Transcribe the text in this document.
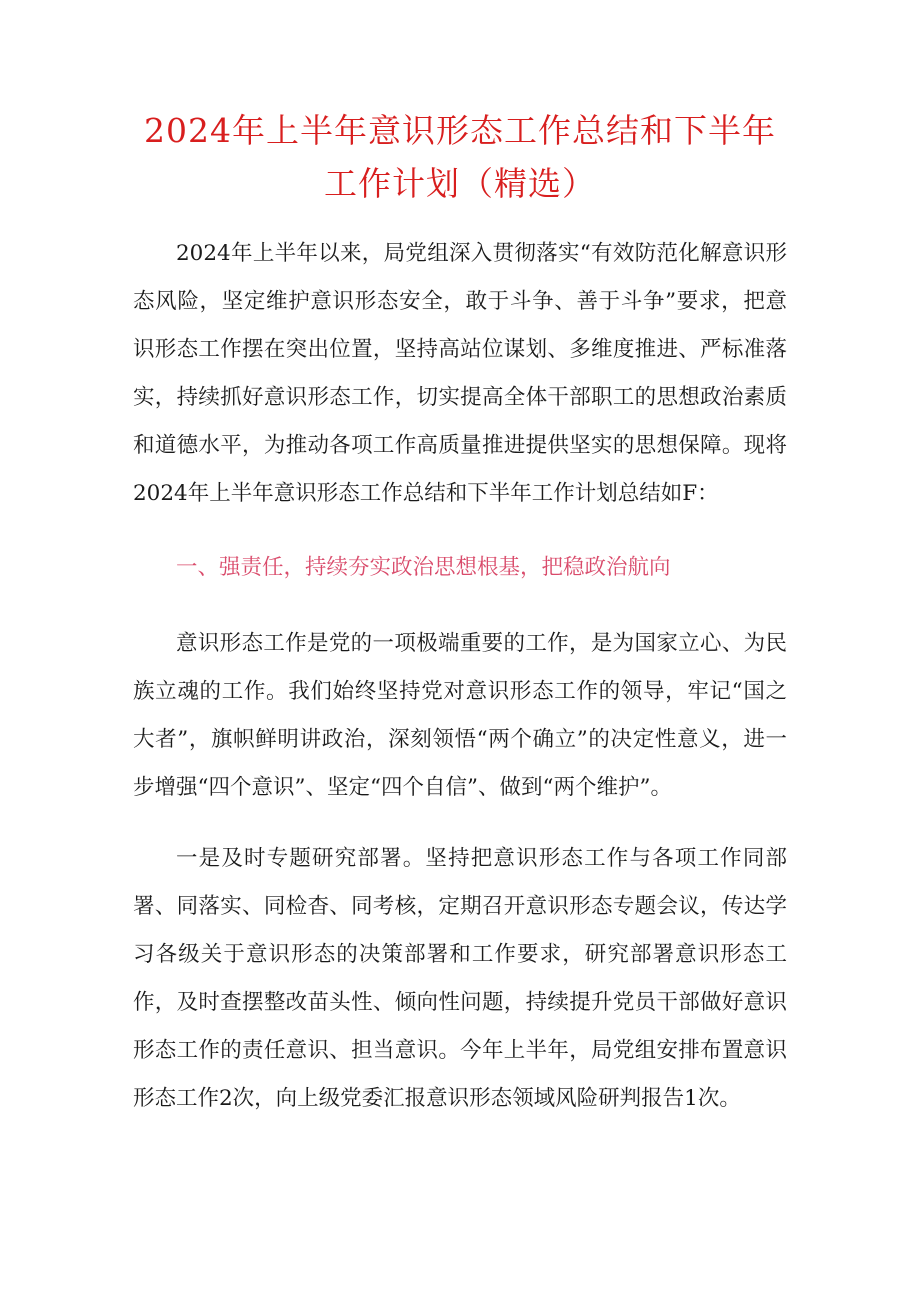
2024年上半年意识形态工作总结和下半年
工作计划（精选）

2024年上半年以来，局党组深入贯彻落实“有效防范化解意识形态风险，坚定维护意识形态安全，敢于斗争、善于斗争”要求，把意识形态工作摆在突出位置，坚持高站位谋划、多维度推进、严标准落实，持续抓好意识形态工作，切实提高全体干部职工的思想政治素质和道德水平，为推动各项工作高质量推进提供坚实的思想保障。现将2024年上半年意识形态工作总结和下半年工作计划总结如F：

一、强责任，持续夯实政治思想根基，把稳政治航向

意识形态工作是党的一项极端重要的工作，是为国家立心、为民族立魂的工作。我们始终坚持党对意识形态工作的领导，牢记“国之大者”，旗帜鲜明讲政治，深刻领悟“两个确立”的决定性意义，进一步增强“四个意识”、坚定“四个自信”、做到“两个维护”。

一是及时专题研究部署。坚持把意识形态工作与各项工作同部署、同落实、同检杳、同考核，定期召开意识形态专题会议，传达学习各级关于意识形态的决策部署和工作要求，研究部署意识形态工作，及时查摆整改苗头性、倾向性问题，持续提升党员干部做好意识形态工作的责任意识、担当意识。今年上半年，局党组安排布置意识形态工作2次，向上级党委汇报意识形态领域风险研判报告1次。
